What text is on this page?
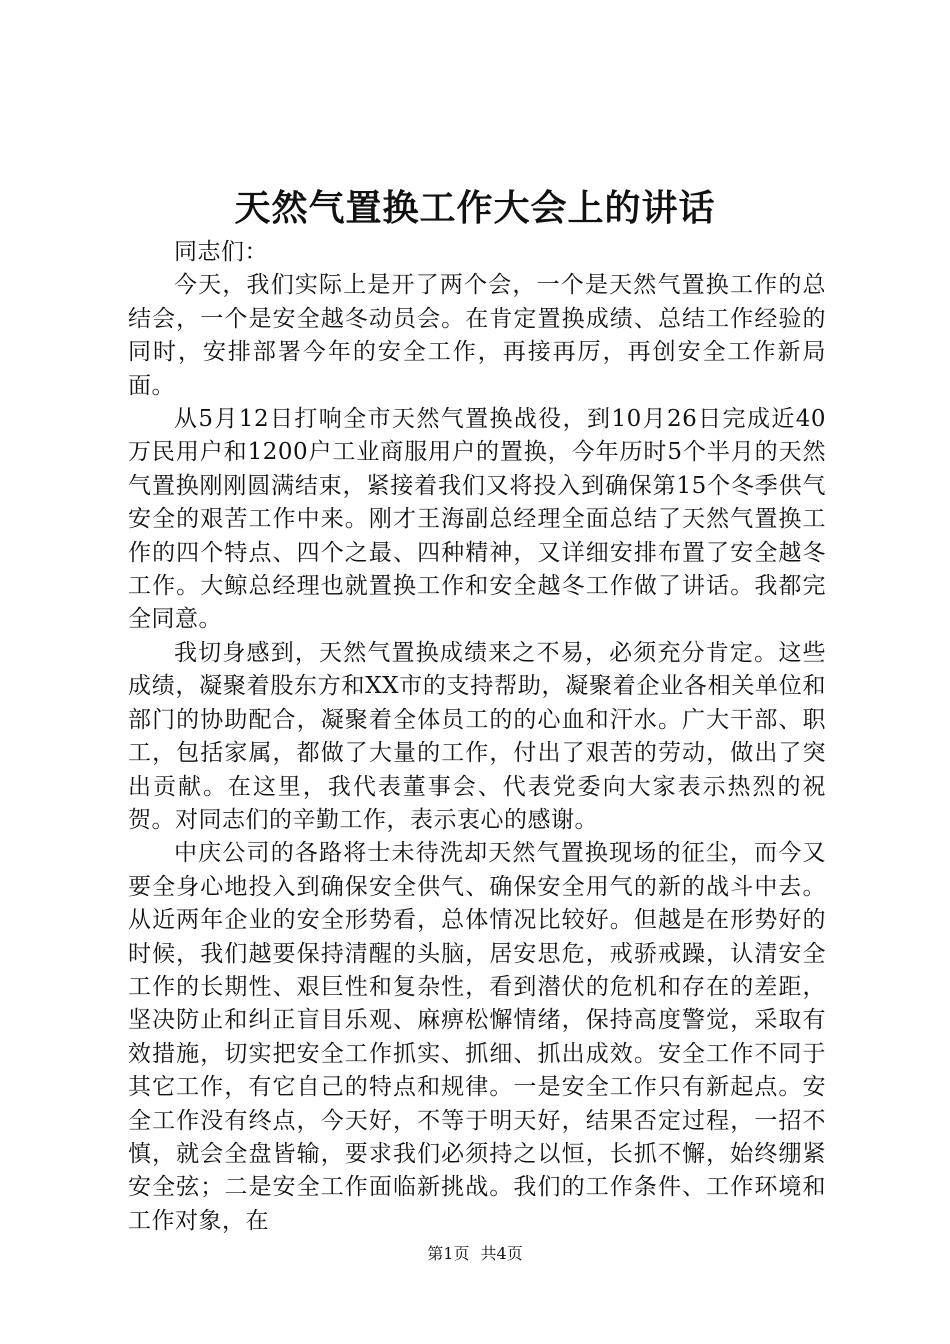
天然气置换工作大会上的讲话

同志们：

今天，我们实际上是开了两个会，一个是天然气置换工作的总结会，一个是安全越冬动员会。在肯定置换成绩、总结工作经验的同时，安排部署今年的安全工作，再接再厉，再创安全工作新局面。

从5月12日打响全市天然气置换战役，到10月26日完成近40万民用户和1200户工业商服用户的置换，今年历时5个半月的天然气置换刚刚圆满结束，紧接着我们又将投入到确保第15个冬季供气安全的艰苦工作中来。刚才王海副总经理全面总结了天然气置换工作的四个特点、四个之最、四种精神，又详细安排布置了安全越冬工作。大鲸总经理也就置换工作和安全越冬工作做了讲话。我都完全同意。

我切身感到，天然气置换成绩来之不易，必须充分肯定。这些成绩，凝聚着股东方和XX市的支持帮助，凝聚着企业各相关单位和部门的协助配合，凝聚着全体员工的的心血和汗水。广大干部、职工，包括家属，都做了大量的工作，付出了艰苦的劳动，做出了突出贡献。在这里，我代表董事会、代表党委向大家表示热烈的祝贺。对同志们的辛勤工作，表示衷心的感谢。

中庆公司的各路将士未待洗却天然气置换现场的征尘，而今又要全身心地投入到确保安全供气、确保安全用气的新的战斗中去。从近两年企业的安全形势看，总体情况比较好。但越是在形势好的时候，我们越要保持清醒的头脑，居安思危，戒骄戒躁，认清安全工作的长期性、艰巨性和复杂性，看到潜伏的危机和存在的差距，坚决防止和纠正盲目乐观、麻痹松懈情绪，保持高度警觉，采取有效措施，切实把安全工作抓实、抓细、抓出成效。安全工作不同于其它工作，有它自己的特点和规律。一是安全工作只有新起点。安全工作没有终点，今天好，不等于明天好，结果否定过程，一招不慎，就会全盘皆输，要求我们必须持之以恒，长抓不懈，始终绷紧安全弦；二是安全工作面临新挑战。我们的工作条件、工作环境和工作对象，在

第1页 共4页
